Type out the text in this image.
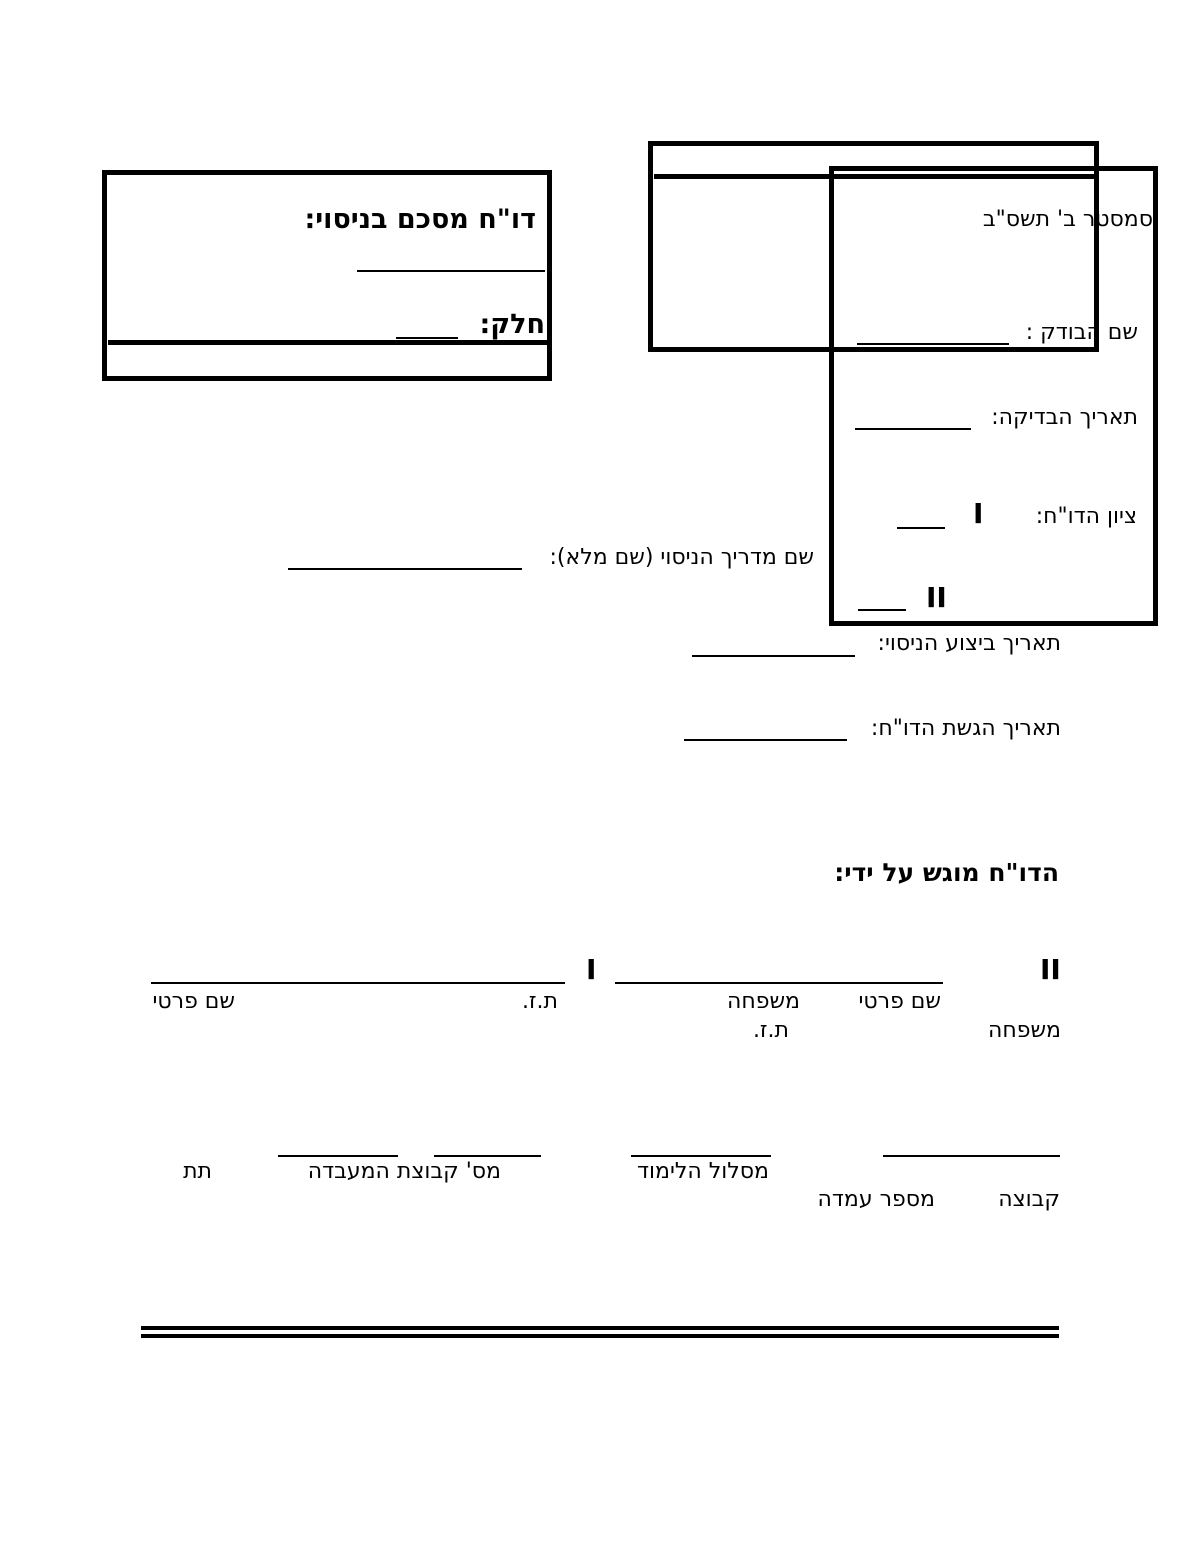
דו"ח מסכם בניסוי:
חלק:
סמסטר ב' תשס"ב
שם הבודק :
תאריך הבדיקה:
ציון הדו"ח:
I
II
שם מדריך הניסוי (שם מלא):
תאריך ביצוע הניסוי:
תאריך הגשת הדו"ח:
הדו"ח מוגש על ידי:
II
I
שם פרטי
משפחה
ת.ז.
שם פרטי
משפחה
ת.ז.
מסלול הלימוד
מס' קבוצת המעבדה
תת
קבוצה
מספר עמדה
